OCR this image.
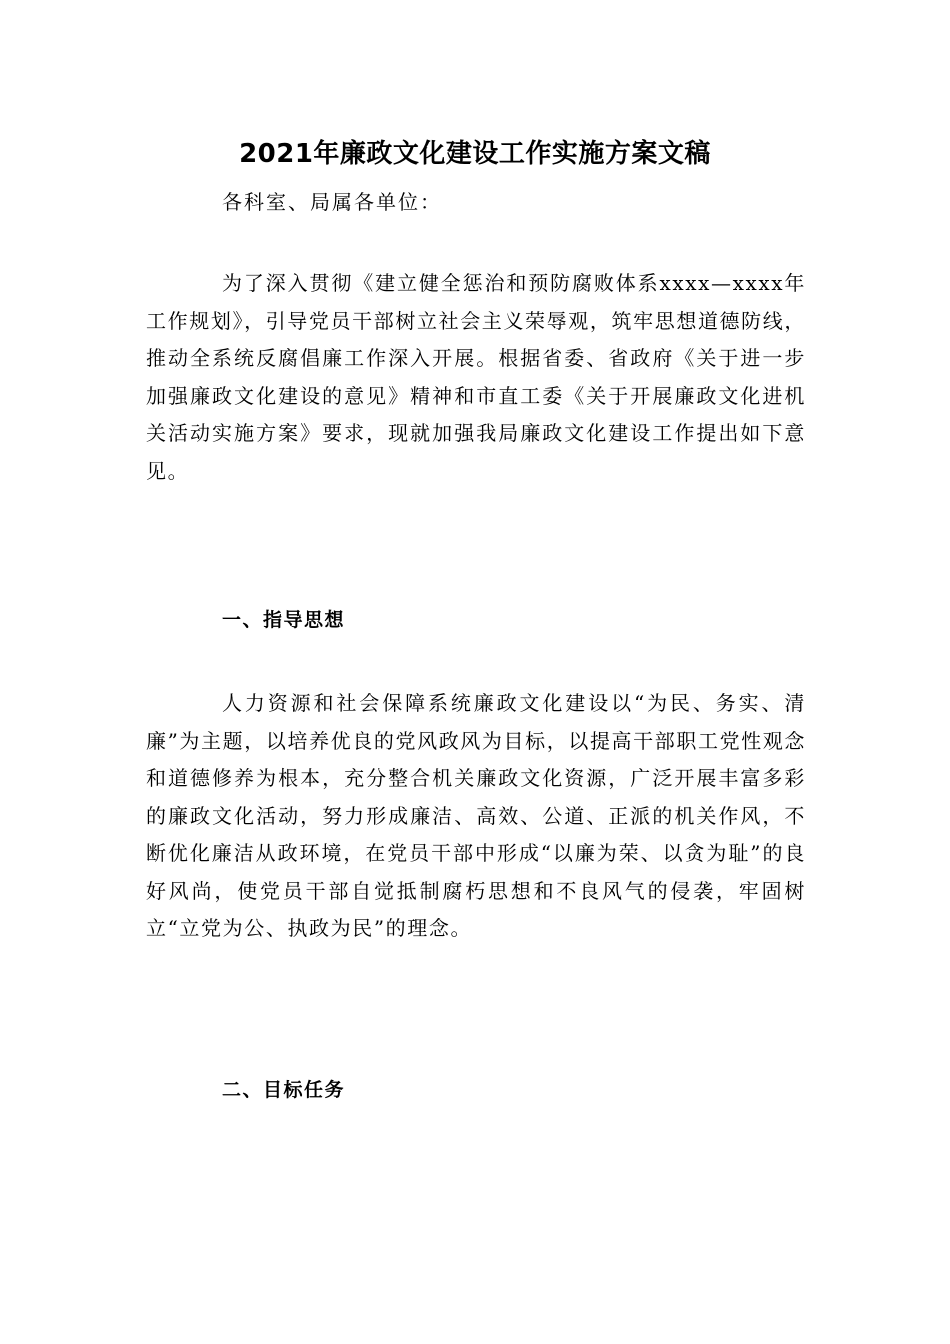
2021年廉政文化建设工作实施方案文稿
各科室、局属各单位：

为了深入贯彻《建立健全惩治和预防腐败体系xxxx—xxxx年工作规划》，引导党员干部树立社会主义荣辱观，筑牢思想道德防线，推动全系统反腐倡廉工作深入开展。根据省委、省政府《关于进一步加强廉政文化建设的意见》精神和市直工委《关于开展廉政文化进机关活动实施方案》要求，现就加强我局廉政文化建设工作提出如下意见。

一、指导思想

人力资源和社会保障系统廉政文化建设以“为民、务实、清廉”为主题，以培养优良的党风政风为目标，以提高干部职工党性观念和道德修养为根本，充分整合机关廉政文化资源，广泛开展丰富多彩的廉政文化活动，努力形成廉洁、高效、公道、正派的机关作风，不断优化廉洁从政环境，在党员干部中形成“以廉为荣、以贪为耻”的良好风尚，使党员干部自觉抵制腐朽思想和不良风气的侵袭，牢固树立“立党为公、执政为民”的理念。

二、目标任务
